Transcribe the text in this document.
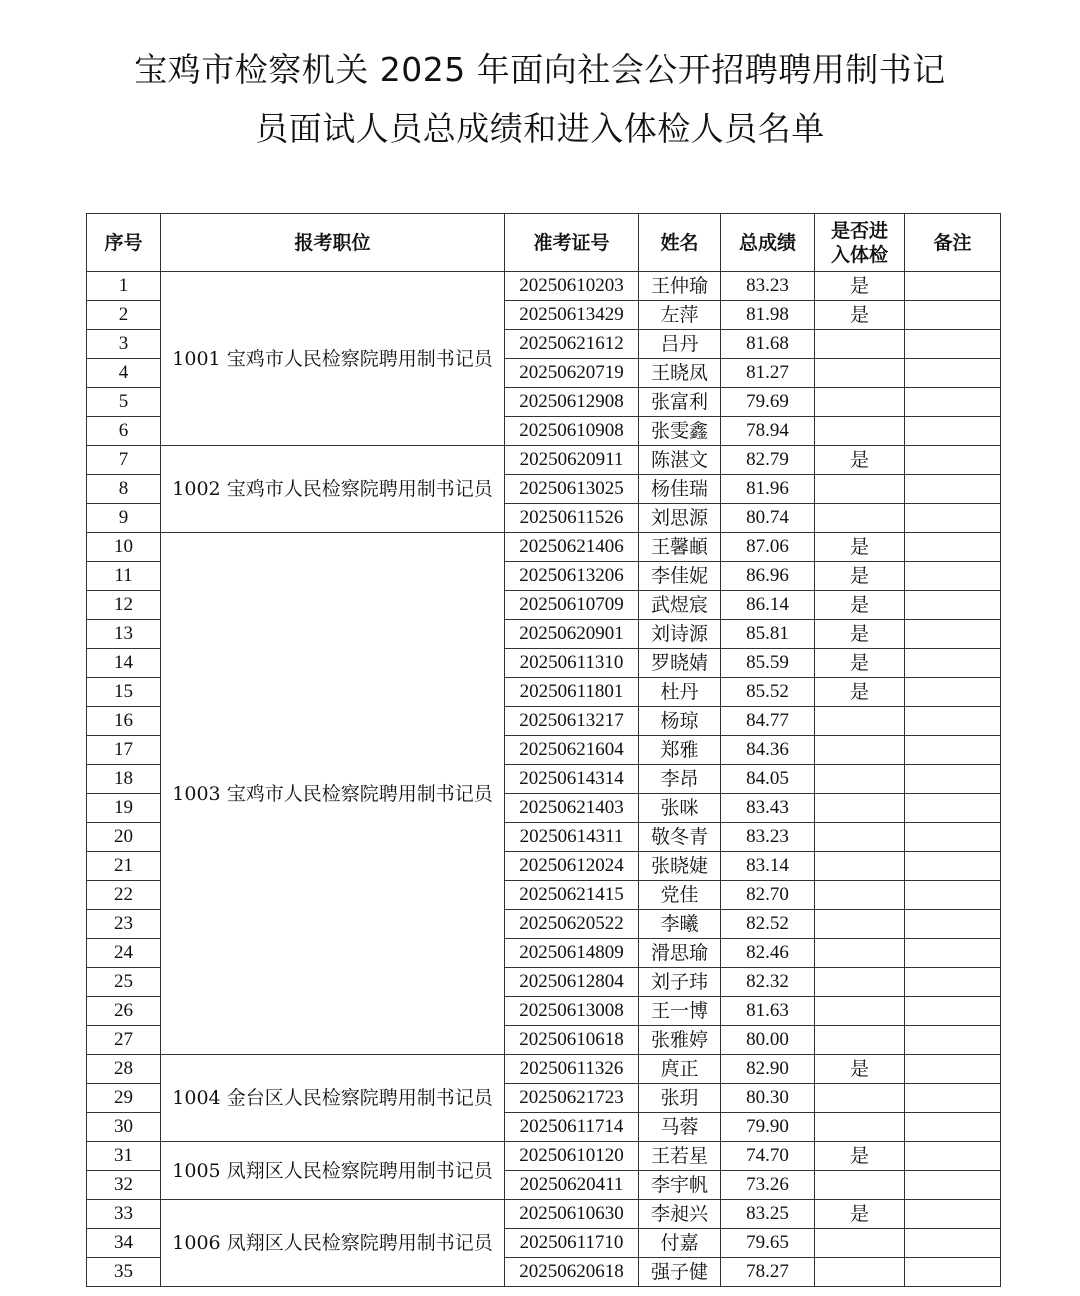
宝鸡市检察机关 2025 年面向社会公开招聘聘用制书记
员面试人员总成绩和进入体检人员名单
序号	报考职位	准考证号	姓名	总成绩	是否进入体检	备注
1	1001 宝鸡市人民检察院聘用制书记员	20250610203	王仲瑜	83.23	是	
2		20250613429	左萍	81.98	是	
3		20250621612	吕丹	81.68		
4		20250620719	王晓凤	81.27		
5		20250612908	张富利	79.69		
6		20250610908	张雯鑫	78.94		
7	1002 宝鸡市人民检察院聘用制书记员	20250620911	陈湛文	82.79	是	
8		20250613025	杨佳瑞	81.96		
9		20250611526	刘思源	80.74		
10	1003 宝鸡市人民检察院聘用制书记员	20250621406	王馨頔	87.06	是	
11		20250613206	李佳妮	86.96	是	
12		20250610709	武煜宸	86.14	是	
13		20250620901	刘诗源	85.81	是	
14		20250611310	罗晓婧	85.59	是	
15		20250611801	杜丹	85.52	是	
16		20250613217	杨琼	84.77		
17		20250621604	郑雅	84.36		
18		20250614314	李昂	84.05		
19		20250621403	张咪	83.43		
20		20250614311	敬冬青	83.23		
21		20250612024	张晓婕	83.14		
22		20250621415	党佳	82.70		
23		20250620522	李曦	82.52		
24		20250614809	滑思瑜	82.46		
25		20250612804	刘子玮	82.32		
26		20250613008	王一博	81.63		
27		20250610618	张雅婷	80.00		
28	1004 金台区人民检察院聘用制书记员	20250611326	庹正	82.90	是	
29		20250621723	张玥	80.30		
30		20250611714	马蓉	79.90		
31	1005 凤翔区人民检察院聘用制书记员	20250610120	王若星	74.70	是	
32		20250620411	李宇帆	73.26		
33	1006 凤翔区人民检察院聘用制书记员	20250610630	李昶兴	83.25	是	
34		20250611710	付嘉	79.65		
35		20250620618	强子健	78.27		
